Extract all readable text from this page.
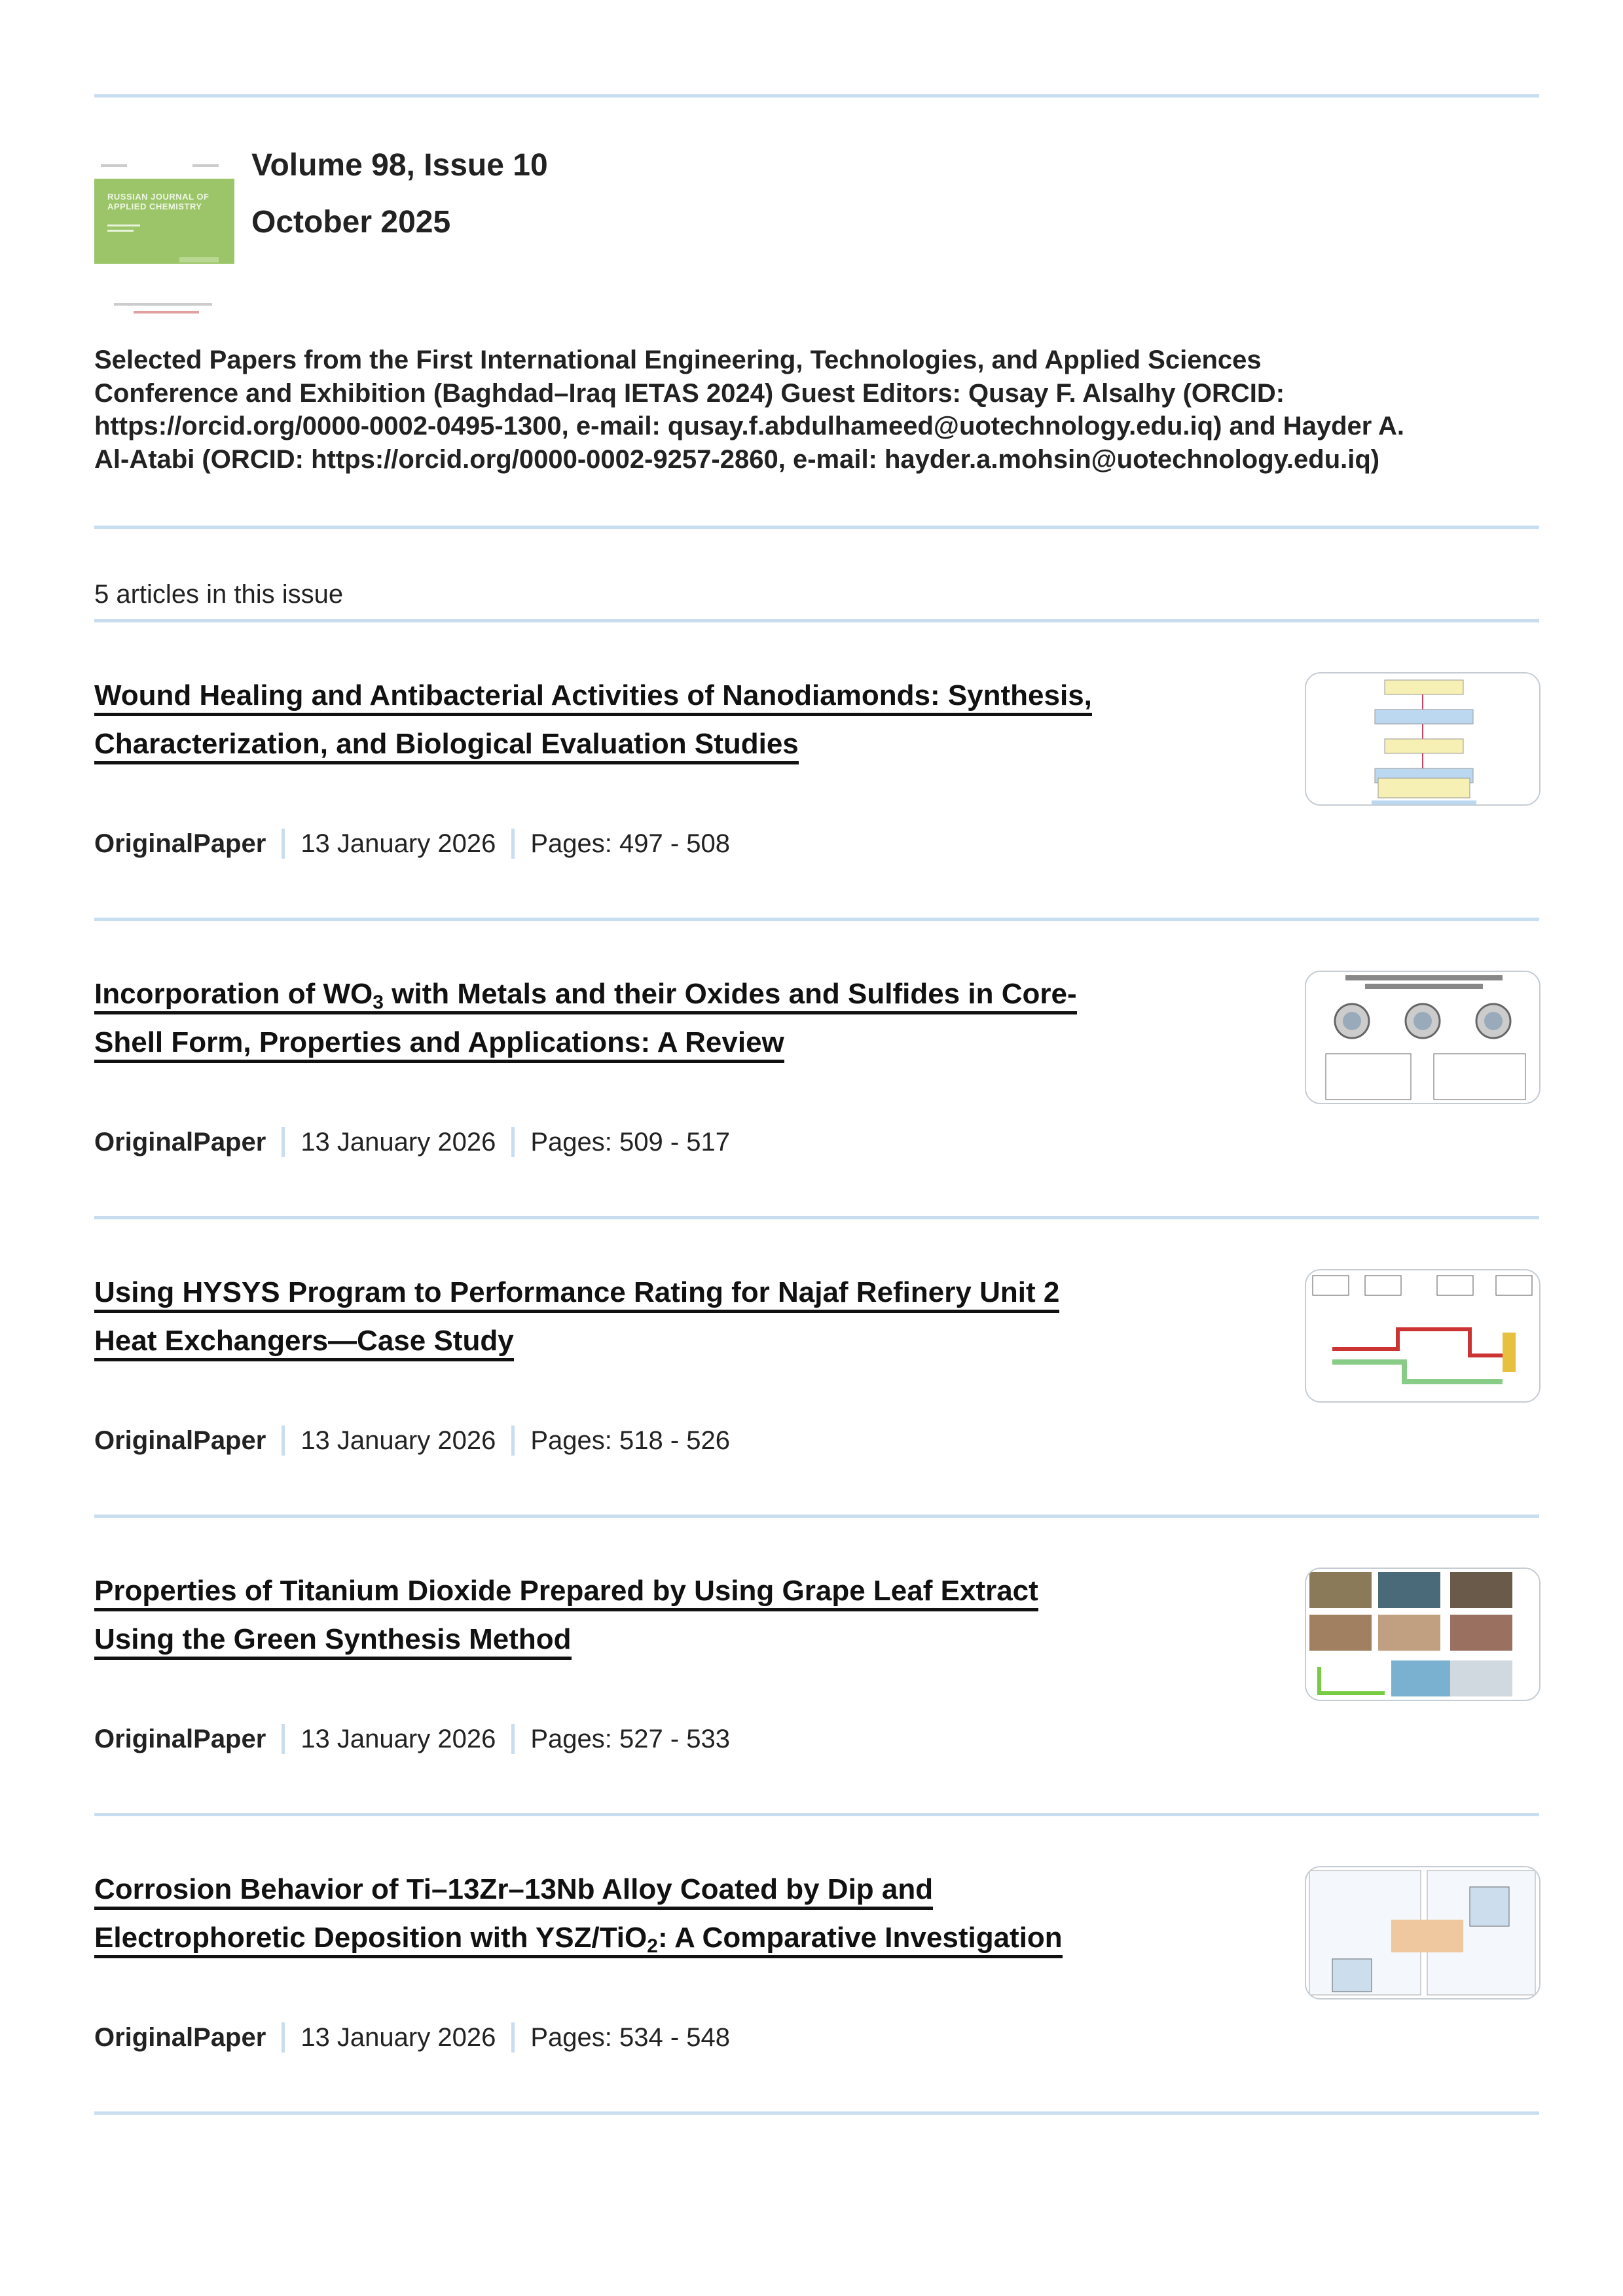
RUSSIAN JOURNAL OF APPLIED CHEMISTRY
Volume 98, Issue 10
October 2025
Selected Papers from the First International Engineering, Technologies, and Applied Sciences
Conference and Exhibition (Baghdad–Iraq IETAS 2024) Guest Editors: Qusay F. Alsalhy (ORCID:
https://orcid.org/0000-0002-0495-1300, e-mail: qusay.f.abdulhameed@uotechnology.edu.iq) and Hayder A.
Al-Atabi (ORCID: https://orcid.org/0000-0002-9257-2860, e-mail: hayder.a.mohsin@uotechnology.edu.iq)
5 articles in this issue
Wound Healing and Antibacterial Activities of Nanodiamonds: Synthesis,
Characterization, and Biological Evaluation Studies
OriginalPaper 13 January 2026 Pages: 497 - 508
Incorporation of $WO_3$ with Metals and their Oxides and Sulfides in Core-
Shell Form, Properties and Applications: A Review
OriginalPaper 13 January 2026 Pages: 509 - 517
Using HYSYS Program to Performance Rating for Najaf Refinery Unit 2
Heat Exchangers—Case Study
OriginalPaper 13 January 2026 Pages: 518 - 526
Properties of Titanium Dioxide Prepared by Using Grape Leaf Extract
Using the Green Synthesis Method
OriginalPaper 13 January 2026 Pages: 527 - 533
Corrosion Behavior of Ti–13Zr–13Nb Alloy Coated by Dip and
Electrophoretic Deposition with YSZ/TiO$_2$: A Comparative Investigation
OriginalPaper 13 January 2026 Pages: 534 - 548
